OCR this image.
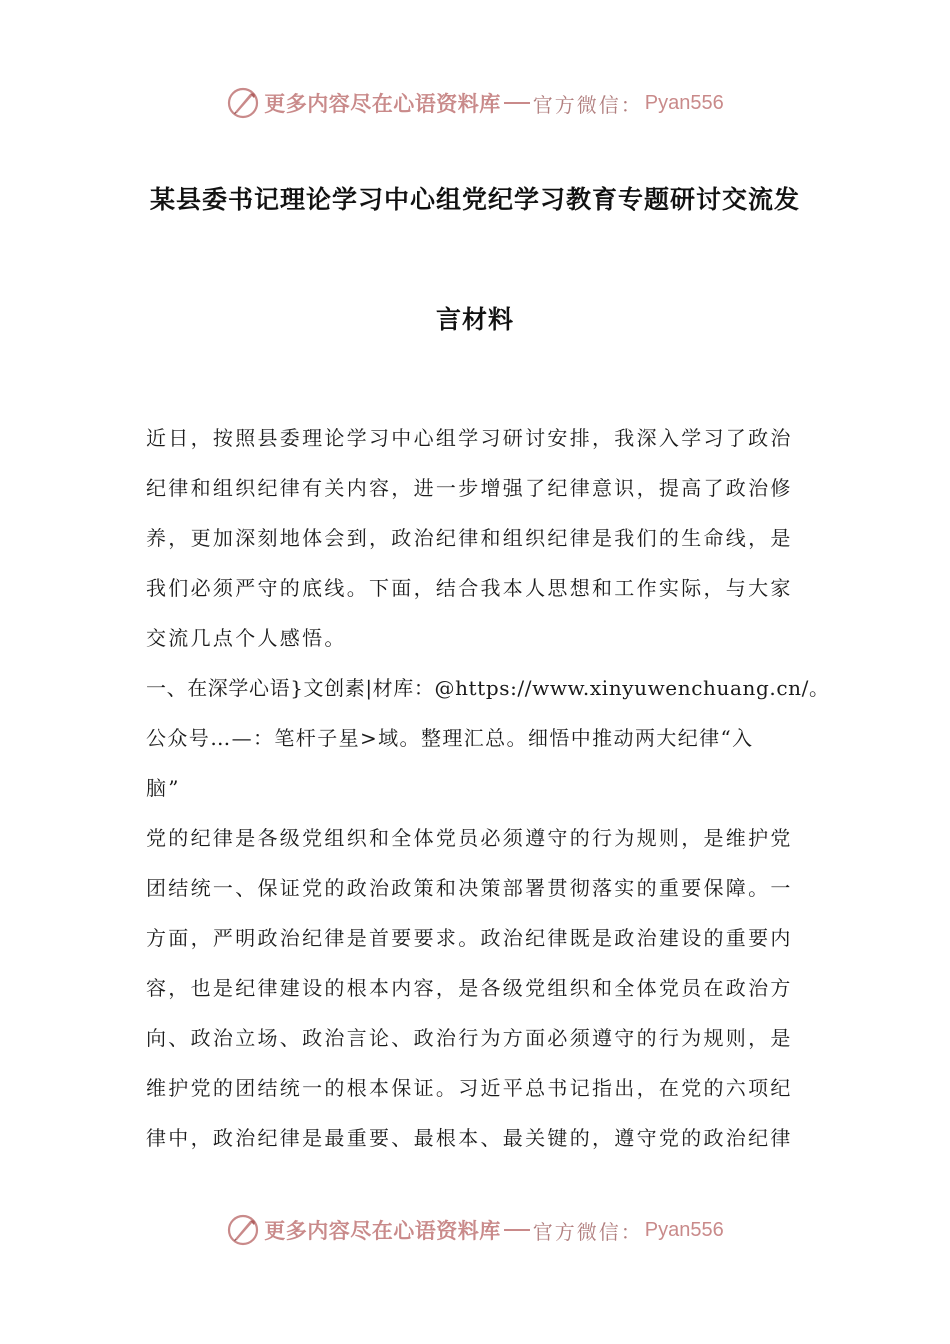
更多内容尽在心语资料库 官方微信： Pyan556
某县委书记理论学习中心组党纪学习教育专题研讨交流发
言材料
近日，按照县委理论学习中心组学习研讨安排，我深入学习了政治
纪律和组织纪律有关内容，进一步增强了纪律意识，提高了政治修
养，更加深刻地体会到，政治纪律和组织纪律是我们的生命线，是
我们必须严守的底线。下面，结合我本人思想和工作实际，与大家
交流几点个人感悟。
一、在深学心语}文创素|材库：@https://www.xinyuwenchuang.cn/。
公众号…—：笔杆子星>域。整理汇总。细悟中推动两大纪律“入
脑”
党的纪律是各级党组织和全体党员必须遵守的行为规则，是维护党
团结统一、保证党的政治政策和决策部署贯彻落实的重要保障。一
方面，严明政治纪律是首要要求。政治纪律既是政治建设的重要内
容，也是纪律建设的根本内容，是各级党组织和全体党员在政治方
向、政治立场、政治言论、政治行为方面必须遵守的行为规则，是
维护党的团结统一的根本保证。习近平总书记指出，在党的六项纪
律中，政治纪律是最重要、最根本、最关键的，遵守党的政治纪律
更多内容尽在心语资料库 官方微信： Pyan556
